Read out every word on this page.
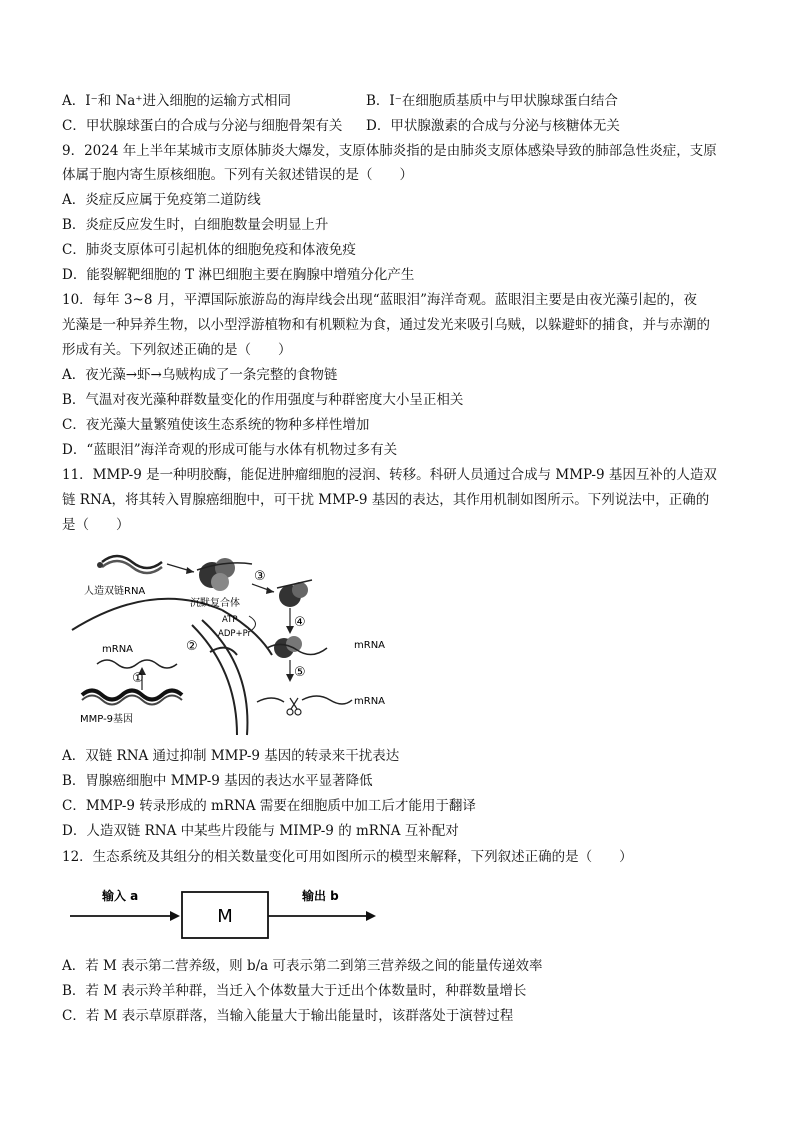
A．I⁻和 Na⁺进入细胞的运输方式相同	B．I⁻在细胞质基质中与甲状腺球蛋白结合
C．甲状腺球蛋白的合成与分泌与细胞骨架有关 D．甲状腺激素的合成与分泌与核糖体无关
9．2024 年上半年某城市支原体肺炎大爆发，支原体肺炎指的是由肺炎支原体感染导致的肺部急性炎症，支原
体属于胞内寄生原核细胞。下列有关叙述错误的是（　　）
A．炎症反应属于免疫第二道防线
B．炎症反应发生时，白细胞数量会明显上升
C．肺炎支原体可引起机体的细胞免疫和体液免疫
D．能裂解靶细胞的 T 淋巴细胞主要在胸腺中增殖分化产生
10．每年 3~8 月，平潭国际旅游岛的海岸线会出现“蓝眼泪”海洋奇观。蓝眼泪主要是由夜光藻引起的，夜
光藻是一种异养生物，以小型浮游植物和有机颗粒为食，通过发光来吸引乌贼，以躲避虾的捕食，并与赤潮的
形成有关。下列叙述正确的是（　　）
A．夜光藻→虾→乌贼构成了一条完整的食物链
B．气温对夜光藻种群数量变化的作用强度与种群密度大小呈正相关
C．夜光藻大量繁殖使该生态系统的物种多样性增加
D．“蓝眼泪”海洋奇观的形成可能与水体有机物过多有关
11．MMP-9 是一种明胶酶，能促进肿瘤细胞的浸润、转移。科研人员通过合成与 MMP-9 基因互补的人造双
链 RNA，将其转入胃腺癌细胞中，可干扰 MMP-9 基因的表达，其作用机制如图所示。下列说法中，正确的
是（　　）
人造双链RNA
沉默复合体
③
ATP
ADP+Pi
④
mRNA
⑤
mRNA
②
mRNA
①
MMP-9基因
A．双链 RNA 通过抑制 MMP-9 基因的转录来干扰表达
B．胃腺癌细胞中 MMP-9 基因的表达水平显著降低
C．MMP-9 转录形成的 mRNA 需要在细胞质中加工后才能用于翻译
D．人造双链 RNA 中某些片段能与 MIMP-9 的 mRNA 互补配对
12．生态系统及其组分的相关数量变化可用如图所示的模型来解释，下列叙述正确的是（　　）
输入 a
M
输出 b
A．若 M 表示第二营养级，则 b/a 可表示第二到第三营养级之间的能量传递效率
B．若 M 表示羚羊种群，当迁入个体数量大于迁出个体数量时，种群数量增长
C．若 M 表示草原群落，当输入能量大于输出能量时，该群落处于演替过程
